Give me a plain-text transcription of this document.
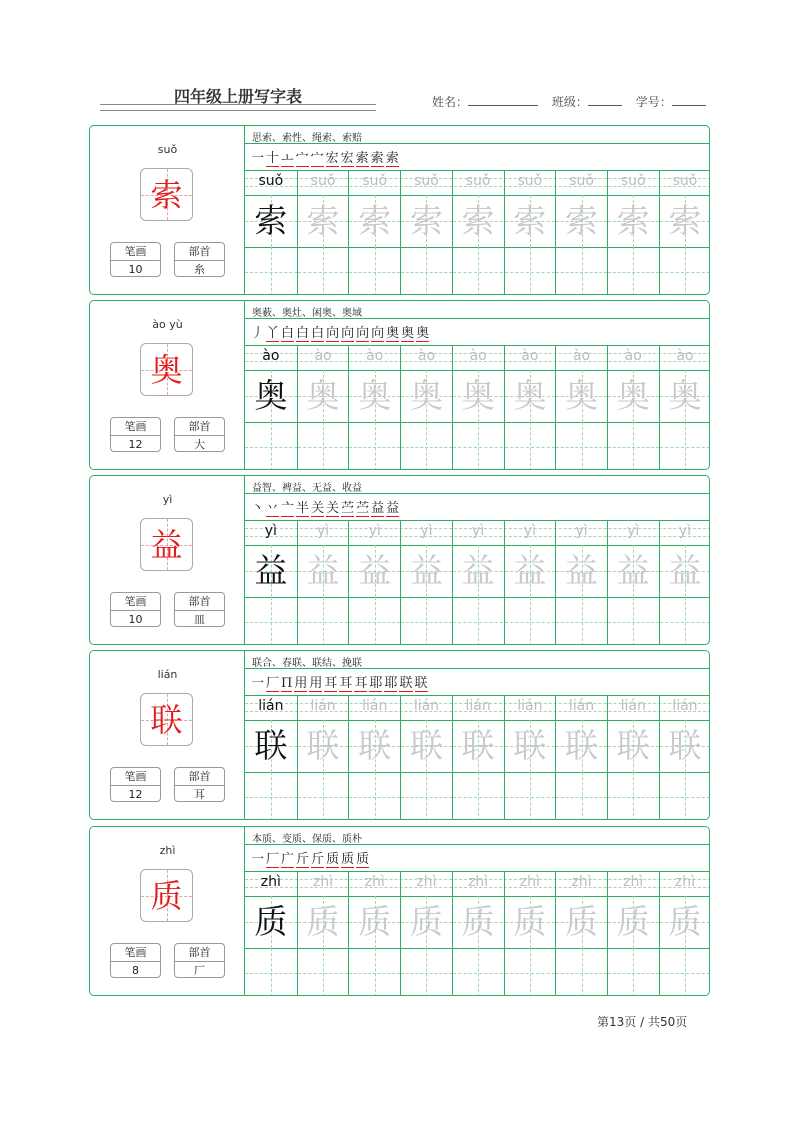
四年级上册写字表	姓名：	班级：	学号：
suǒ
索
笔画
10
部首
糸
思索、索性、绳索、索赔
一 十 ㅗ 宀 宀 宏 宏 索 索 索
suǒ	suǒ	suǒ	suǒ	suǒ	suǒ	suǒ	suǒ	suǒ
索 索 索 索 索 索 索 索 索
ào yù
奥
笔画
12
部首
大
奥薮、奥灶、闲奥、奥域
丿 丫 白 白 白 向 向 向 向 奥 奥 奥
ào	ào	ào	ào	ào	ào	ào	ào	ào
奥 奥 奥 奥 奥 奥 奥 奥 奥
yì
益
笔画
10
部首
皿
益智、裨益、无益、收益
丶 丷 亠 半 关 关 苎 苎 益 益
yì	yì	yì	yì	yì	yì	yì	yì	yì
益 益 益 益 益 益 益 益 益
lián
联
笔画
12
部首
耳
联合、春联、联结、挽联
一 厂 Π 用 用 耳 耳 耳 耶 耶 联 联
lián	lián	lián	lián	lián	lián	lián	lián	lián
联 联 联 联 联 联 联 联 联
zhì
质
笔画
8
部首
厂
本质、变质、保质、质朴
一 厂 广 斤 斤 质 质 质
zhì	zhì	zhì	zhì	zhì	zhì	zhì	zhì	zhì
质 质 质 质 质 质 质 质 质
第13页 / 共50页
